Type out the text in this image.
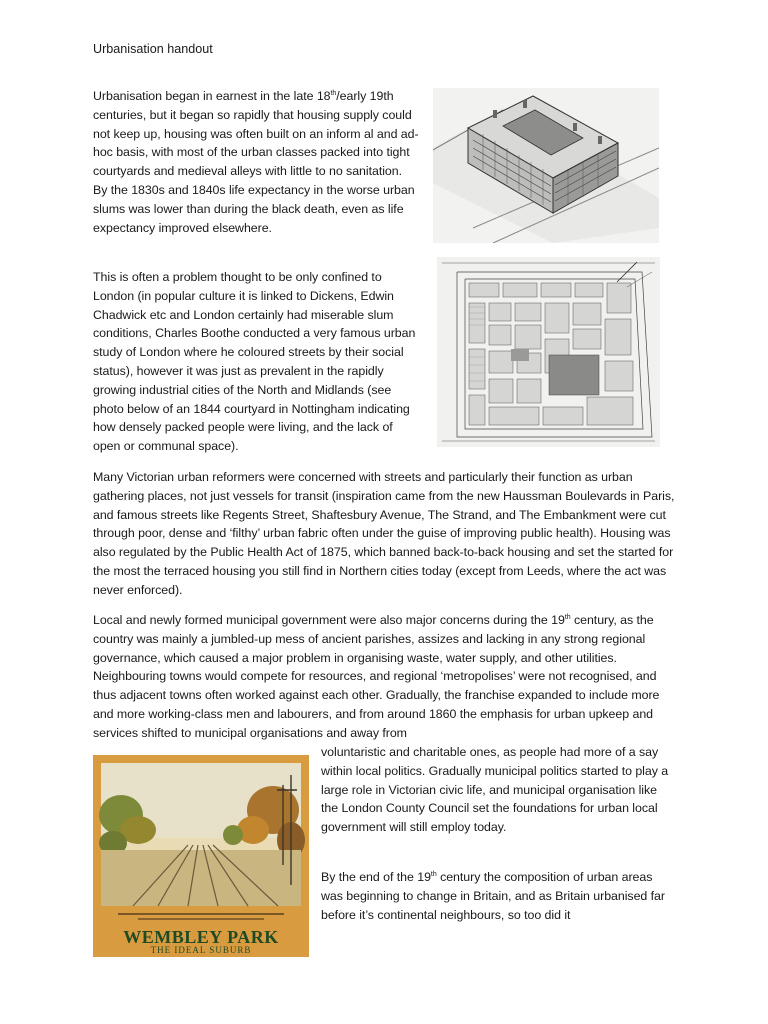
Urbanisation handout

Urbanisation began in earnest in the late 18th/early 19th centuries, but it began so rapidly that housing supply could not keep up, housing was often built on an inform al and ad-hoc basis, with most of the urban classes packed into tight courtyards and medieval alleys with little to no sanitation. By the 1830s and 1840s life expectancy in the worse urban slums was lower than during the black death, even as life expectancy improved elsewhere.

This is often a problem thought to be only confined to London (in popular culture it is linked to Dickens, Edwin Chadwick etc and London certainly had miserable slum conditions, Charles Boothe conducted a very famous urban study of London where he coloured streets by their social status), however it was just as prevalent in the rapidly growing industrial cities of the North and Midlands (see photo below of an 1844 courtyard in Nottingham indicating how densely packed people were living, and the lack of open or communal space).

Many Victorian urban reformers were concerned with streets and particularly their function as urban gathering places, not just vessels for transit (inspiration came from the new Haussman Boulevards in Paris, and famous streets like Regents Street, Shaftesbury Avenue, The Strand, and The Embankment were cut through poor, dense and ‘filthy’ urban fabric often under the guise of improving public health). Housing was also regulated by the Public Health Act of 1875, which banned back-to-back housing and set the started for the most the terraced housing you still find in Northern cities today (except from Leeds, where the act was never enforced).

Local and newly formed municipal government were also major concerns during the 19th century, as the country was mainly a jumbled-up mess of ancient parishes, assizes and lacking in any strong regional governance, which caused a major problem in organising waste, water supply, and other utilities. Neighbouring towns would compete for resources, and regional ‘metropolises’ were not recognised, and thus adjacent towns often worked against each other. Gradually, the franchise expanded to include more and more working-class men and labourers, and from around 1860 the emphasis for urban upkeep and services shifted to municipal organisations and away from

voluntaristic and charitable ones, as people had more of a say within local politics. Gradually municipal politics started to play a large role in Victorian civic life, and municipal organisation like the London County Council set the foundations for urban local government will still employ today.

By the end of the 19th century the composition of urban areas was beginning to change in Britain, and as Britain urbanised far before it’s continental neighbours, so too did it

WEMBLEY PARK
THE IDEAL SUBURB
